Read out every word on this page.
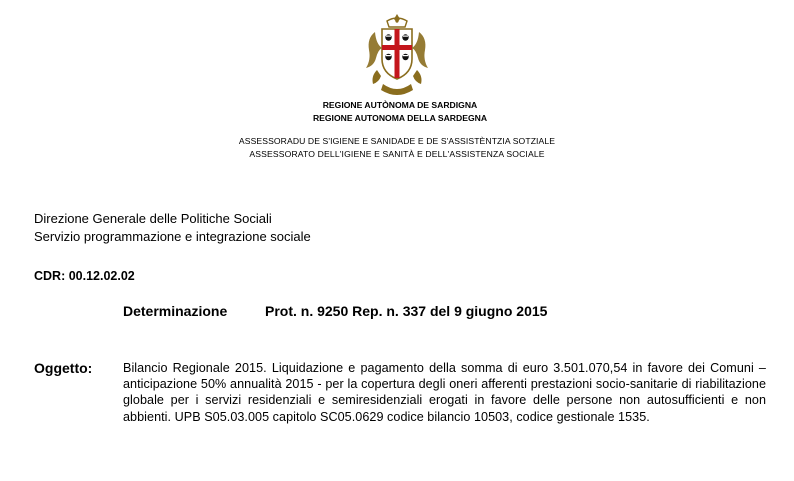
REGIONE AUTÒNOMA DE SARDIGNA
REGIONE AUTONOMA DELLA SARDEGNA
ASSESSORADU DE S'IGIENE E SANIDADE E DE S'ASSISTÈNTZIA SOTZIALE
ASSESSORATO DELL'IGIENE E SANITÀ E DELL'ASSISTENZA SOCIALE
Direzione Generale delle Politiche Sociali
Servizio programmazione e integrazione sociale
CDR: 00.12.02.02
Determinazione	Prot. n. 9250 Rep. n. 337 del 9 giugno 2015
Oggetto: Bilancio Regionale 2015. Liquidazione e pagamento della somma di euro 3.501.070,54 in favore dei Comuni – anticipazione 50% annualità 2015 - per la copertura degli oneri afferenti prestazioni socio-sanitarie di riabilitazione globale per i servizi residenziali e semiresidenziali erogati in favore delle persone non autosufficienti e non abbienti. UPB S05.03.005 capitolo SC05.0629 codice bilancio 10503, codice gestionale 1535.
